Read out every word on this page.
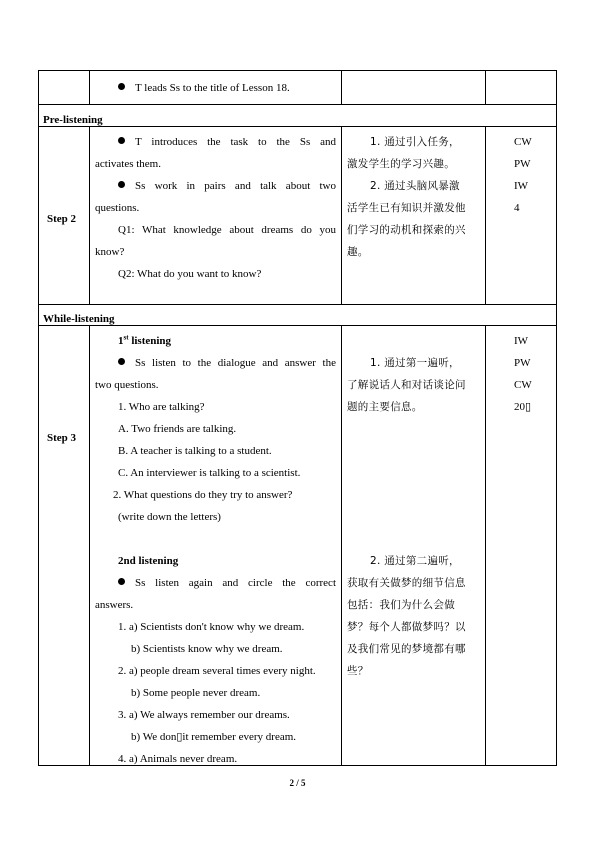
T leads Ss to the title of Lesson 18.
Pre-listening
Step 2
T introduces the task to the Ss and
activates them.
Ss work in pairs and talk about two
questions.
Q1: What knowledge about dreams do you
know?
Q2: What do you want to know?
1. 通过引入任务，
激发学生的学习兴趣。
2. 通过头脑风暴激
活学生已有知识并激发他
们学习的动机和探索的兴
趣。
CW
PW
IW
4
While-listening
Step 3
1st listening
Ss listen to the dialogue and answer the
two questions.
1. Who are talking?
A. Two friends are talking.
B. A teacher is talking to a student.
C. An interviewer is talking to a scientist.
2. What questions do they try to answer?
(write down the letters)
2nd listening
Ss listen again and circle the correct
answers.
1. a) Scientists don't know why we dream.
b) Scientists know why we dream.
2. a) people dream several times every night.
b) Some people never dream.
3. a) We always remember our dreams.
b) We don▯it remember every dream.
4. a) Animals never dream.
1. 通过第一遍听，
了解说话人和对话谈论问
题的主要信息。
2. 通过第二遍听，
获取有关做梦的细节信息
包括：我们为什么会做
梦？每个人都做梦吗？以
及我们常见的梦境都有哪
些？
IW
PW
CW
20▯
2 / 5
